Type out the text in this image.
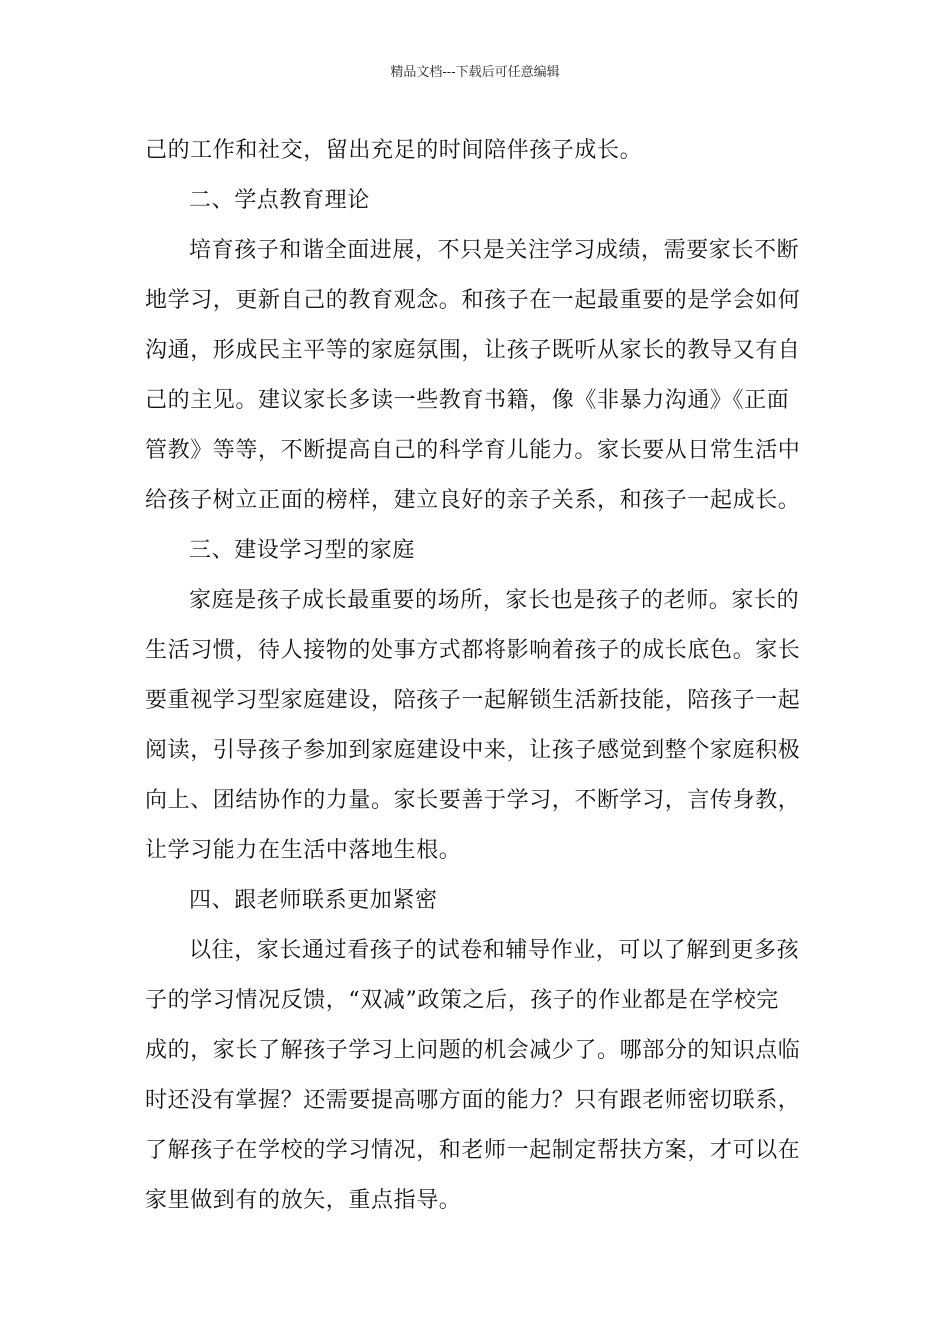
精品文档---下载后可任意编辑
己的工作和社交，留出充足的时间陪伴孩子成长。
二、学点教育理论
培育孩子和谐全面进展，不只是关注学习成绩，需要家长不断
地学习，更新自己的教育观念。和孩子在一起最重要的是学会如何
沟通，形成民主平等的家庭氛围，让孩子既听从家长的教导又有自
己的主见。建议家长多读一些教育书籍，像《非暴力沟通》《正面
管教》等等，不断提高自己的科学育儿能力。家长要从日常生活中
给孩子树立正面的榜样，建立良好的亲子关系，和孩子一起成长。
三、建设学习型的家庭
家庭是孩子成长最重要的场所，家长也是孩子的老师。家长的
生活习惯，待人接物的处事方式都将影响着孩子的成长底色。家长
要重视学习型家庭建设，陪孩子一起解锁生活新技能，陪孩子一起
阅读，引导孩子参加到家庭建设中来，让孩子感觉到整个家庭积极
向上、团结协作的力量。家长要善于学习，不断学习，言传身教，
让学习能力在生活中落地生根。
四、跟老师联系更加紧密
以往，家长通过看孩子的试卷和辅导作业，可以了解到更多孩
子的学习情况反馈，“双减”政策之后，孩子的作业都是在学校完
成的，家长了解孩子学习上问题的机会减少了。哪部分的知识点临
时还没有掌握？还需要提高哪方面的能力？只有跟老师密切联系，
了解孩子在学校的学习情况，和老师一起制定帮扶方案，才可以在
家里做到有的放矢，重点指导。
